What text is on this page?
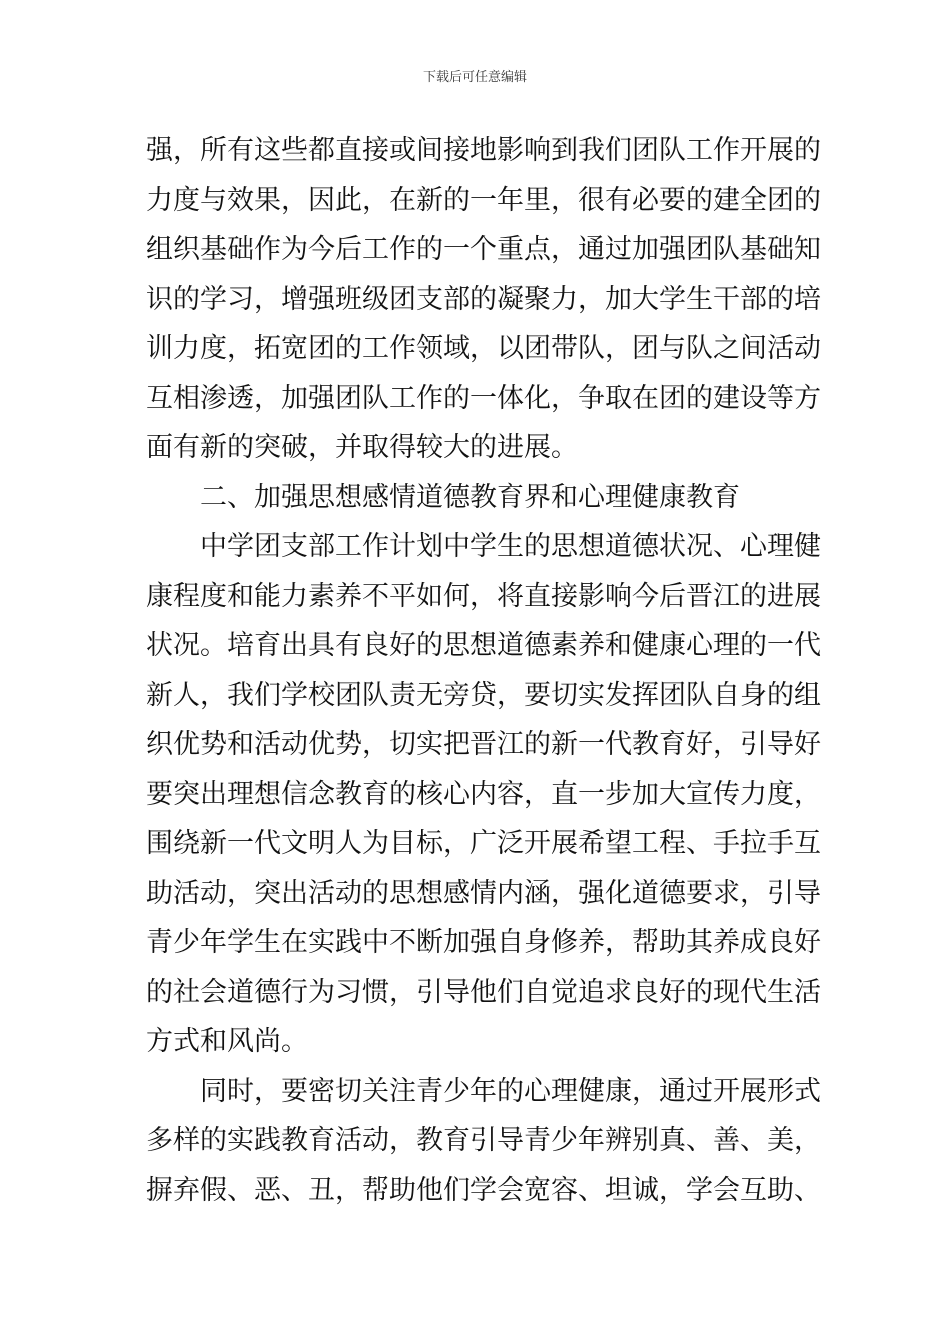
下载后可任意编辑
强，所有这些都直接或间接地影响到我们团队工作开展的
力度与效果，因此，在新的一年里，很有必要的建全团的
组织基础作为今后工作的一个重点，通过加强团队基础知
识的学习，增强班级团支部的凝聚力，加大学生干部的培
训力度，拓宽团的工作领域，以团带队，团与队之间活动
互相渗透，加强团队工作的一体化，争取在团的建设等方
面有新的突破，并取得较大的进展。
二、加强思想感情道德教育界和心理健康教育
中学团支部工作计划中学生的思想道德状况、心理健
康程度和能力素养不平如何，将直接影响今后晋江的进展
状况。培育出具有良好的思想道德素养和健康心理的一代
新人，我们学校团队责无旁贷，要切实发挥团队自身的组
织优势和活动优势，切实把晋江的新一代教育好，引导好
要突出理想信念教育的核心内容，直一步加大宣传力度，
围绕新一代文明人为目标，广泛开展希望工程、手拉手互
助活动，突出活动的思想感情内涵，强化道德要求，引导
青少年学生在实践中不断加强自身修养，帮助其养成良好
的社会道德行为习惯，引导他们自觉追求良好的现代生活
方式和风尚。
同时，要密切关注青少年的心理健康，通过开展形式
多样的实践教育活动，教育引导青少年辨别真、善、美，
摒弃假、恶、丑，帮助他们学会宽容、坦诚，学会互助、
